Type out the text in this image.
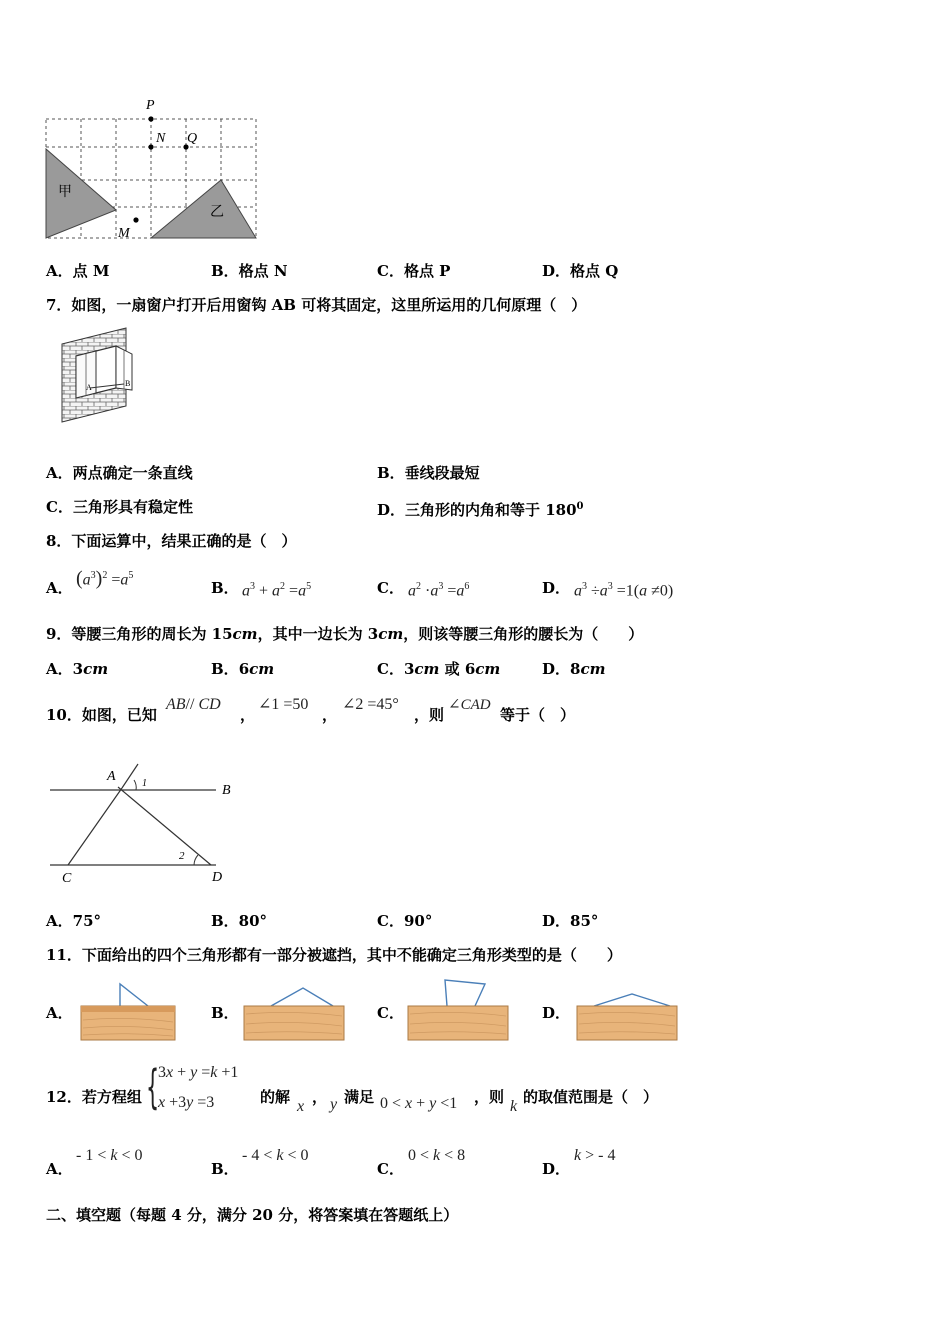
P
N Q
M
甲
乙
A．点 M	B．格点 N	C．格点 P	D．格点 Q
7．如图，一扇窗户打开后用窗钩 AB 可将其固定，这里所运用的几何原理（　）
A	B
A．两点确定一条直线	B．垂线段最短
C．三角形具有稳定性	D．三角形的内角和等于 $180^0$
8．下面运算中，结果正确的是（　）
A． $(a^3)^2 =a^5$
B． $a^3 + a^2 =a^5$	C． $a^2 \cdot a^3 =a^6$	D． $a^3 \div a^3 =1(a \ne 0)$
9．等腰三角形的周长为 15cm，其中一边长为 3cm，则该等腰三角形的腰长为（　　）
A．3cm	B．6cm	C．3cm 或 6cm	D．8cm
10．如图，已知
AB// CD
，
∠1 =50
，
∠2 =45°
，则
∠CAD
等于（　）
A
B
C	D
1
2
A．75°	B．80°	C．90°	D．85°
11．下面给出的四个三角形都有一部分被遮挡，其中不能确定三角形类型的是（　　）
A．	B．	C．	D．
12．若方程组 {
3x + y =k +1
x +3y =3	的解
x
， y 满足 0 < x + y <1 ，则
k
的取值范围是（　）
A．
- 1 < k < 0
B．
- 4 < k < 0
C．
0 < k < 8
D．
k > - 4
二、填空题（每题 4 分，满分 20 分，将答案填在答题纸上）
